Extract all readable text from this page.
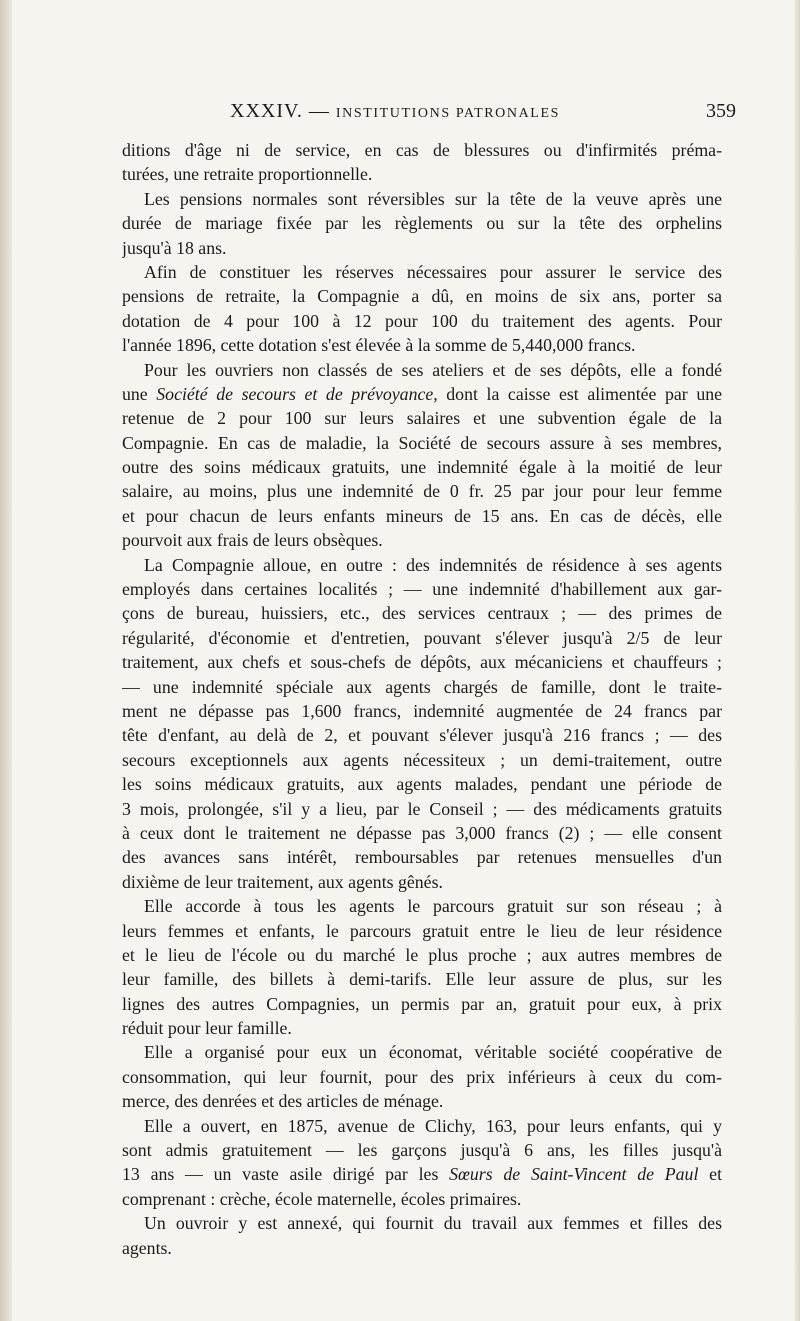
XXXIV. — INSTITUTIONS PATRONALES	359
ditions d'âge ni de service, en cas de blessures ou d'infirmités préma-
turées, une retraite proportionnelle.
Les pensions normales sont réversibles sur la tête de la veuve après une
durée de mariage fixée par les règlements ou sur la tête des orphelins
jusqu'à 18 ans.
Afin de constituer les réserves nécessaires pour assurer le service des
pensions de retraite, la Compagnie a dû, en moins de six ans, porter sa
dotation de 4 pour 100 à 12 pour 100 du traitement des agents. Pour
l'année 1896, cette dotation s'est élevée à la somme de 5,440,000 francs.
Pour les ouvriers non classés de ses ateliers et de ses dépôts, elle a fondé
une Société de secours et de prévoyance, dont la caisse est alimentée par une
retenue de 2 pour 100 sur leurs salaires et une subvention égale de la
Compagnie. En cas de maladie, la Société de secours assure à ses membres,
outre des soins médicaux gratuits, une indemnité égale à la moitié de leur
salaire, au moins, plus une indemnité de 0 fr. 25 par jour pour leur femme
et pour chacun de leurs enfants mineurs de 15 ans. En cas de décès, elle
pourvoit aux frais de leurs obsèques.
La Compagnie alloue, en outre : des indemnités de résidence à ses agents
employés dans certaines localités ; — une indemnité d'habillement aux gar-
çons de bureau, huissiers, etc., des services centraux ; — des primes de
régularité, d'économie et d'entretien, pouvant s'élever jusqu'à 2/5 de leur
traitement, aux chefs et sous-chefs de dépôts, aux mécaniciens et chauffeurs ;
— une indemnité spéciale aux agents chargés de famille, dont le traite-
ment ne dépasse pas 1,600 francs, indemnité augmentée de 24 francs par
tête d'enfant, au delà de 2, et pouvant s'élever jusqu'à 216 francs ; — des
secours exceptionnels aux agents nécessiteux ; un demi-traitement, outre
les soins médicaux gratuits, aux agents malades, pendant une période de
3 mois, prolongée, s'il y a lieu, par le Conseil ; — des médicaments gratuits
à ceux dont le traitement ne dépasse pas 3,000 francs (2) ; — elle consent
des avances sans intérêt, remboursables par retenues mensuelles d'un
dixième de leur traitement, aux agents gênés.
Elle accorde à tous les agents le parcours gratuit sur son réseau ; à
leurs femmes et enfants, le parcours gratuit entre le lieu de leur résidence
et le lieu de l'école ou du marché le plus proche ; aux autres membres de
leur famille, des billets à demi-tarifs. Elle leur assure de plus, sur les
lignes des autres Compagnies, un permis par an, gratuit pour eux, à prix
réduit pour leur famille.
Elle a organisé pour eux un économat, véritable société coopérative de
consommation, qui leur fournit, pour des prix inférieurs à ceux du com-
merce, des denrées et des articles de ménage.
Elle a ouvert, en 1875, avenue de Clichy, 163, pour leurs enfants, qui y
sont admis gratuitement — les garçons jusqu'à 6 ans, les filles jusqu'à
13 ans — un vaste asile dirigé par les Sœurs de Saint-Vincent de Paul et
comprenant : crèche, école maternelle, écoles primaires.
Un ouvroir y est annexé, qui fournit du travail aux femmes et filles des
agents.
